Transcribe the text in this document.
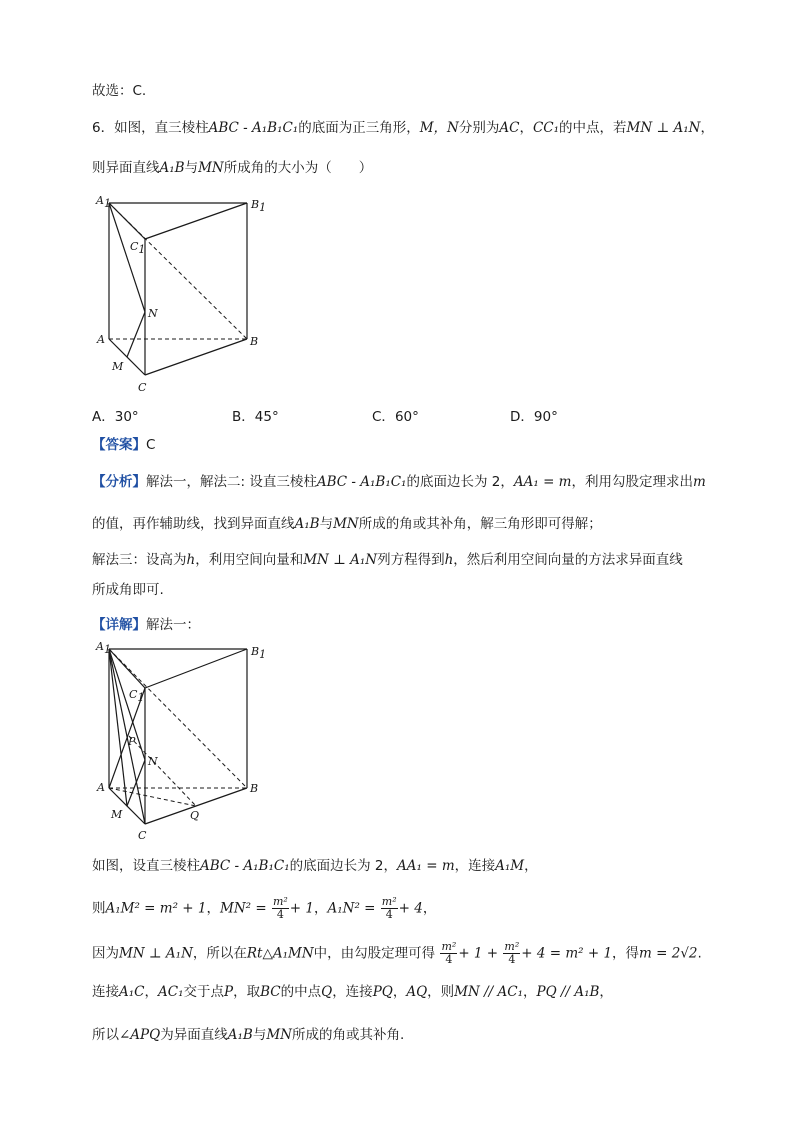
故选：C.
6．如图，直三棱柱ABC - A₁B₁C₁的底面为正三角形，M，N分别为AC，CC₁的中点，若MN ⊥ A₁N，
则异面直线A₁B与MN所成角的大小为（　　）
A1	B1
C1
N
A	B
M
C
A．30°	B．45°	C．60°	D．90°
【答案】C
【分析】解法一，解法二: 设直三棱柱ABC - A₁B₁C₁的底面边长为 2，AA₁ = m，利用勾股定理求出m
的值，再作辅助线，找到异面直线A₁B与MN所成的角或其补角，解三角形即可得解；
解法三：设高为h，利用空间向量和MN ⊥ A₁N列方程得到h，然后利用空间向量的方法求异面直线
所成角即可.
【详解】解法一：
A1	B1
C1
P
N
A	B
M	Q
C
如图，设直三棱柱ABC - A₁B₁C₁的底面边长为 2，AA₁ = m，连接A₁M，
则A₁M² = m² + 1，$MN^2 = \frac{\text{m²}}{4} + 1$，$A_1N^2 = \frac{\text{m²}}{4} + 4$，
因为MN ⊥ A₁N，所以在Rt△A₁MN中，由勾股定理可得 $\frac{\text{m²}}{4} + 1 + \frac{\text{m²}}{4} + 4 = m^2 + 1$，得m = 2√2.
连接A₁C，AC₁交于点P，取BC的中点Q，连接PQ，AQ，则MN // AC₁，PQ // A₁B，
所以∠APQ为异面直线A₁B与MN所成的角或其补角.
